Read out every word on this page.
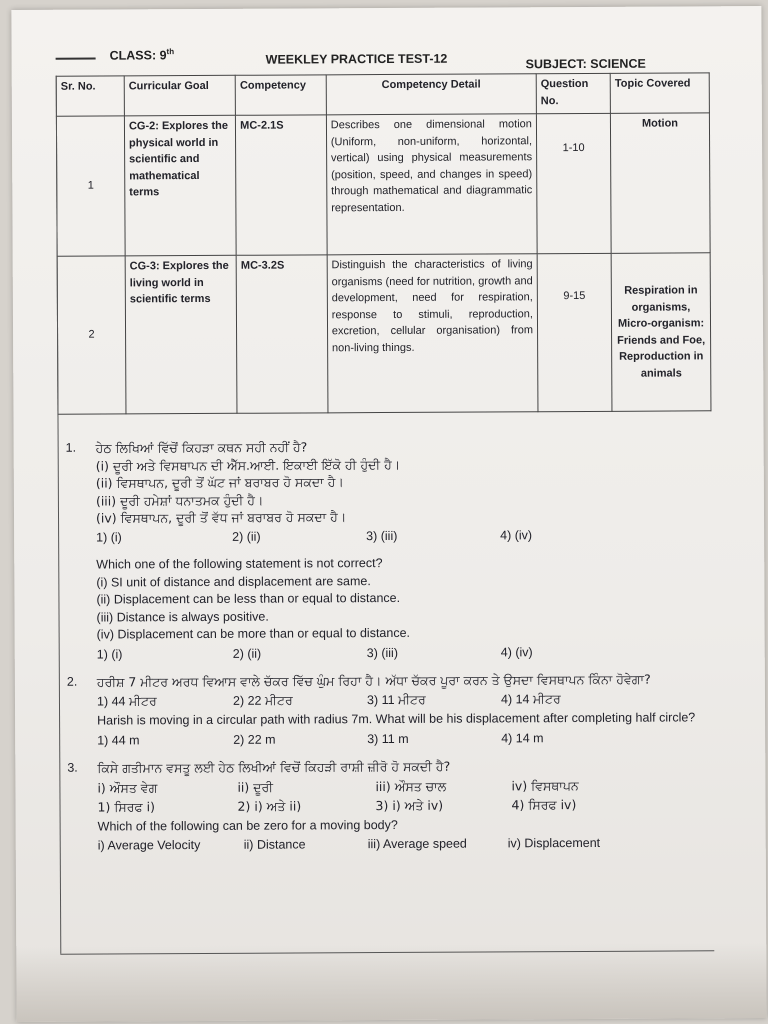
CLASS: 9th
WEEKLEY PRACTICE TEST-12	SUBJECT: SCIENCE
Sr. No.	Curricular Goal	Competency	Competency Detail	Question No.	Topic Covered
1	CG-2: Explores the physical world in scientific and mathematical terms	MC-2.1S	Describes one dimensional motion (Uniform, non-uniform, horizontal, vertical) using physical measurements (position, speed, and changes in speed) through mathematical and diagrammatic representation.	1-10	Motion
2	CG-3: Explores the living world in scientific terms	MC-3.2S	Distinguish the characteristics of living organisms (need for nutrition, growth and development, need for respiration, response to stimuli, reproduction, excretion, cellular organisation) from non-living things.	9-15	Respiration in organisms, Micro-organism: Friends and Foe, Reproduction in animals
1. ਹੇਠ ਲਿਖਿਆਂ ਵਿੱਚੋਂ ਕਿਹੜਾ ਕਥਨ ਸਹੀ ਨਹੀਂ ਹੈ?
(i) ਦੂਰੀ ਅਤੇ ਵਿਸਥਾਪਨ ਦੀ ਐੱਸ.ਆਈ. ਇਕਾਈ ਇੱਕੋ ਹੀ ਹੁੰਦੀ ਹੈ।
(ii) ਵਿਸਥਾਪਨ, ਦੂਰੀ ਤੋਂ ਘੱਟ ਜਾਂ ਬਰਾਬਰ ਹੋ ਸਕਦਾ ਹੈ।
(iii) ਦੂਰੀ ਹਮੇਸ਼ਾਂ ਧਨਾਤਮਕ ਹੁੰਦੀ ਹੈ।
(iv) ਵਿਸਥਾਪਨ, ਦੂਰੀ ਤੋਂ ਵੱਧ ਜਾਂ ਬਰਾਬਰ ਹੋ ਸਕਦਾ ਹੈ।
1) (i)	2) (ii)	3) (iii)	4) (iv)
Which one of the following statement is not correct?
(i) SI unit of distance and displacement are same.
(ii) Displacement can be less than or equal to distance.
(iii) Distance is always positive.
(iv) Displacement can be more than or equal to distance.
1) (i)	2) (ii)	3) (iii)	4) (iv)
2. ਹਰੀਸ਼ 7 ਮੀਟਰ ਅਰਧ ਵਿਆਸ ਵਾਲੇ ਚੱਕਰ ਵਿੱਚ ਘੁੰਮ ਰਿਹਾ ਹੈ। ਅੱਧਾ ਚੱਕਰ ਪੂਰਾ ਕਰਨ ਤੇ ਉਸਦਾ ਵਿਸਥਾਪਨ ਕਿੰਨਾ ਹੋਵੇਗਾ?
1) 44 ਮੀਟਰ	2) 22 ਮੀਟਰ	3) 11 ਮੀਟਰ	4) 14 ਮੀਟਰ
Harish is moving in a circular path with radius 7m. What will be his displacement after completing half circle?
1) 44 m	2) 22 m	3) 11 m	4) 14 m
3. ਕਿਸੇ ਗਤੀਮਾਨ ਵਸਤੂ ਲਈ ਹੇਠ ਲਿਖੀਆਂ ਵਿਚੋਂ ਕਿਹੜੀ ਰਾਸ਼ੀ ਜ਼ੀਰੋ ਹੋ ਸਕਦੀ ਹੈ?
i) ਔਸਤ ਵੇਗ	ii) ਦੂਰੀ	iii) ਔਸਤ ਚਾਲ	iv) ਵਿਸਥਾਪਨ
1) ਸਿਰਫ i)	2) i) ਅਤੇ ii)	3) i) ਅਤੇ iv)	4) ਸਿਰਫ iv)
Which of the following can be zero for a moving body?
i) Average Velocity	ii) Distance	iii) Average speed	iv) Displacement
